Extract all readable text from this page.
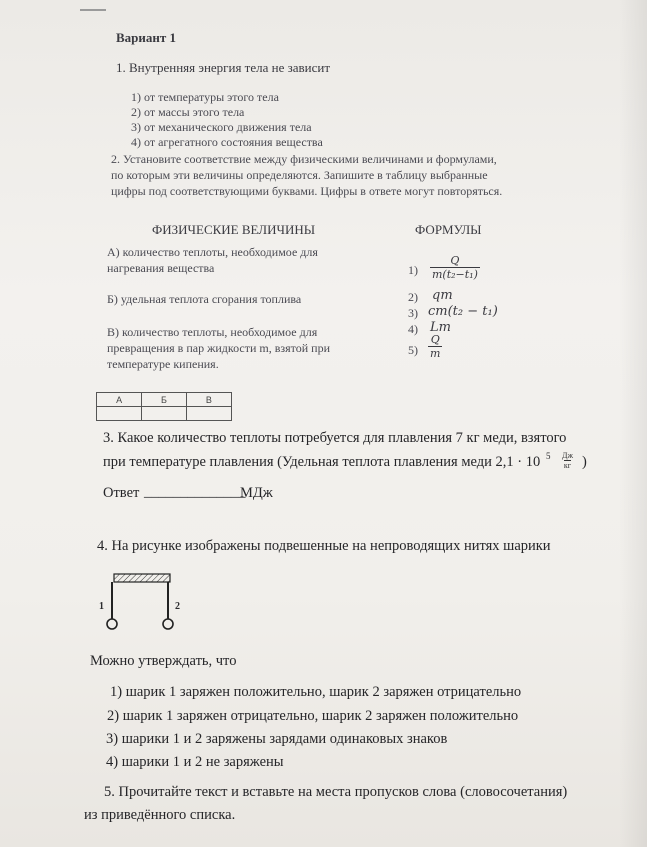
Вариант 1
1. Внутренняя энергия тела не зависит
1) от температуры этого тела
2) от массы этого тела
3) от механического движения тела
4) от агрегатного состояния вещества
2. Установите соответствие между физическими величинами и формулами,
по которым эти величины определяются. Запишите в таблицу выбранные
цифры под соответствующими буквами. Цифры в ответе могут повторяться.
ФИЗИЧЕСКИЕ ВЕЛИЧИНЫ	ФОРМУЛЫ
А) количество теплоты, необходимое для
нагревания вещества
Б) удельная теплота сгорания топлива
В) количество теплоты, необходимое для
превращения в пар жидкости m, взятой при
температуре кипения.
$1) \frac{Q}{\text{m(t₂−t₁)}}$
2) qm
3) cm(t₂ − t₁)
4) Lm
$5) \frac{Q}{m}$
А	Б	В

3. Какое количество теплоты потребуется для плавления 7 кг меди, взятого
при температуре плавления (Удельная теплота плавления меди 2,1 · 10 5 Дж
кг )
Ответ ______________
МДж
4. На рисунке изображены подвешенные на непроводящих нитях шарики
1	2
Можно утверждать, что
1) шарик 1 заряжен положительно, шарик 2 заряжен отрицательно
2) шарик 1 заряжен отрицательно, шарик 2 заряжен положительно
3) шарики 1 и 2 заряжены зарядами одинаковых знаков
4) шарики 1 и 2 не заряжены
5. Прочитайте текст и вставьте на места пропусков слова (словосочетания)
из приведённого списка.
